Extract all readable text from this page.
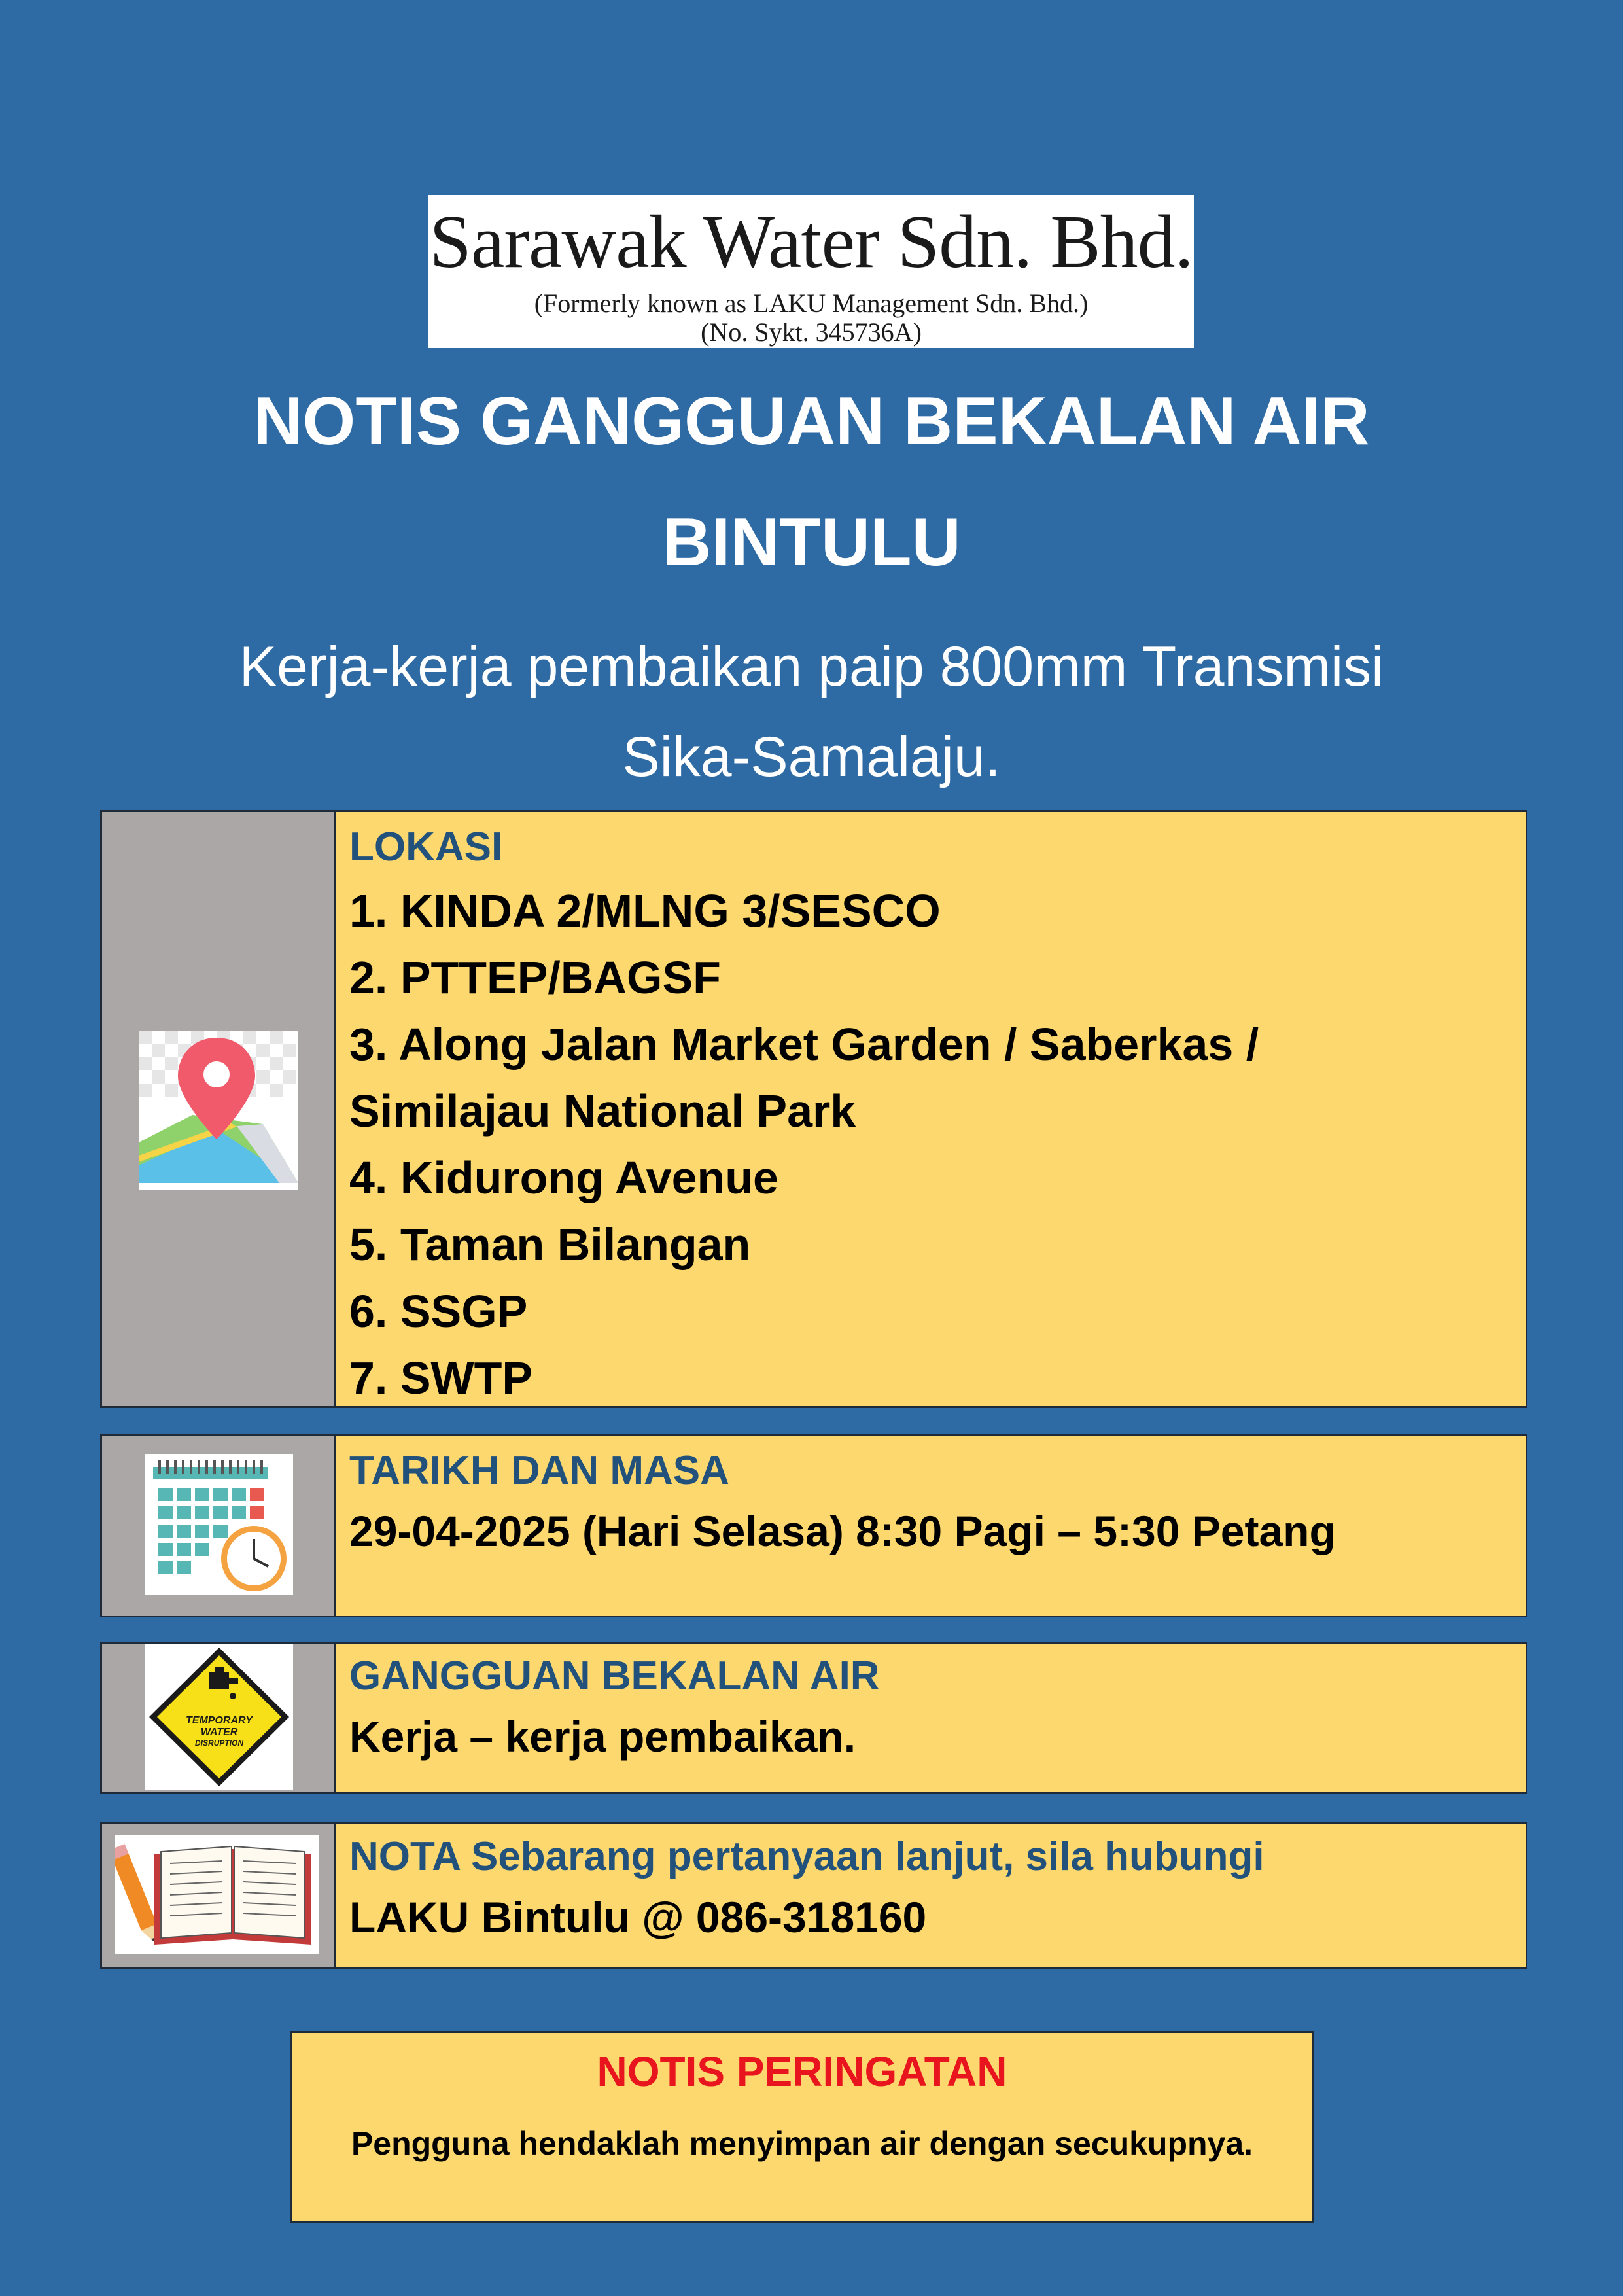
Sarawak Water Sdn. Bhd.
(Formerly known as LAKU Management Sdn. Bhd.)
(No. Sykt. 345736A)
NOTIS GANGGUAN BEKALAN AIR
BINTULU
Kerja-kerja pembaikan paip 800mm Transmisi
Sika-Samalaju.
LOKASI
1. KINDA 2/MLNG 3/SESCO
2. PTTEP/BAGSF
3. Along Jalan Market Garden / Saberkas /
Similajau National Park
4. Kidurong Avenue
5. Taman Bilangan
6. SSGP
7. SWTP
TARIKH DAN MASA
29-04-2025 (Hari Selasa) 8:30 Pagi – 5:30 Petang
TEMPORARY
WATER
DISRUPTION
GANGGUAN BEKALAN AIR
Kerja – kerja pembaikan.
NOTA Sebarang pertanyaan lanjut, sila hubungi
LAKU Bintulu @ 086-318160
NOTIS PERINGATAN
Pengguna hendaklah menyimpan air dengan secukupnya.
